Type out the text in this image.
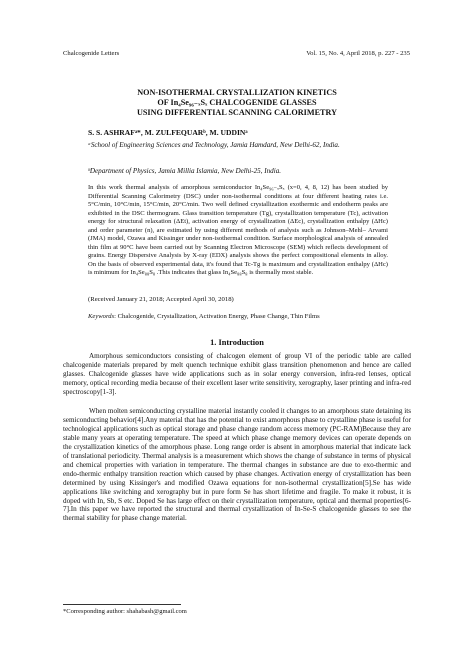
Chalcogenide Letters	Vol. 15, No. 4, April 2018, p. 227 - 235
NON-ISOTHERMAL CRYSTALLIZATION KINETICS
OF In₄Se₉₆₋ₓSₓ CHALCOGENIDE GLASSES
USING DIFFERENTIAL SCANNING CALORIMETRY
S. S. ASHRAFᵃ*, M. ZULFEQUARᵇ, M. UDDINᵃ
ᵃSchool of Engineering Sciences and Technology, Jamia Hamdard, New Delhi-62, India.
ᵇDepartment of Physics, Jamia Millia Islamia, New Delhi-25, India.
In this work thermal analysis of amorphous semiconductor In₄Se₉₆₋ₓSₓ (x=0, 4, 8, 12) has been studied by Differential Scanning Calorimetry (DSC) under non-isothermal conditions at four different heating rates i.e. 5°C/min, 10°C/min, 15°C/min, 20°C/min. Two well defined crystallization exothermic and endotherm peaks are exhibited in the DSC thermogram. Glass transition temperature (Tg), crystallization temperature (Tc), activation energy for structural relaxation (ΔEt), activation energy of crystallization (ΔEc), crystallization enthalpy (ΔHc) and order parameter (n), are estimated by using different methods of analysis such as Johnson–Mehl– Arvami (JMA) model, Ozawa and Kissinger under non-isothermal condition. Surface morphological analysis of annealed thin film at 90°C have been carried out by Scanning Electron Microscope (SEM) which reflects development of grains. Energy Dispersive Analysis by X-ray (EDX) analysis shows the perfect compositional elements in alloy. On the basis of observed experimental data, it's found that Tc-Tg is maximum and crystallization enthalpy (ΔHc) is minimum for In₄Se₈₈S₈ .This indicates that glass In₄Se₈₈S₈ is thermally most stable.
(Received January 21, 2018; Accepted April 30, 2018)
Keywords: Chalcogenide, Crystallization, Activation Energy, Phase Change, Thin Films
1. Introduction

Amorphous semiconductors consisting of chalcogen element of group VI of the periodic table are called chalcogenide materials prepared by melt quench technique exhibit glass transition phenomenon and hence are called glasses. Chalcogenide glasses have wide applications such as in solar energy conversion, infra-red lenses, optical memory, optical recording media because of their excellent laser write sensitivity, xerography, laser printing and infra-red spectroscopy[1-3].

When molten semiconducting crystalline material instantly cooled it changes to an amorphous state detaining its semiconducting behavior[4].Any material that has the potential to exist amorphous phase to crystalline phase is useful for technological applications such as optical storage and phase change random access memory (PC-RAM)Because they are stable many years at operating temperature. The speed at which phase change memory devices can operate depends on the crystallization kinetics of the amorphous phase. Long range order is absent in amorphous material that indicate lack of translational periodicity. Thermal analysis is a measurement which shows the change of substance in terms of physical and chemical properties with variation in temperature. The thermal changes in substance are due to exo-thermic and endo-thermic enthalpy transition reaction which caused by phase changes. Activation energy of crystallization has been determined by using Kissinger's and modified Ozawa equations for non-isothermal crystallization[5].Se has wide applications like switching and xerography but in pure form Se has short lifetime and fragile. To make it robust, it is doped with In, Sb, S etc. Doped Se has large effect on their crystallization temperature, optical and thermal properties[6-7].In this paper we have reported the structural and thermal crystallization of In-Se-S chalcogenide glasses to see the thermal stability for phase change material.

*Corresponding author: shahabash@gmail.com
